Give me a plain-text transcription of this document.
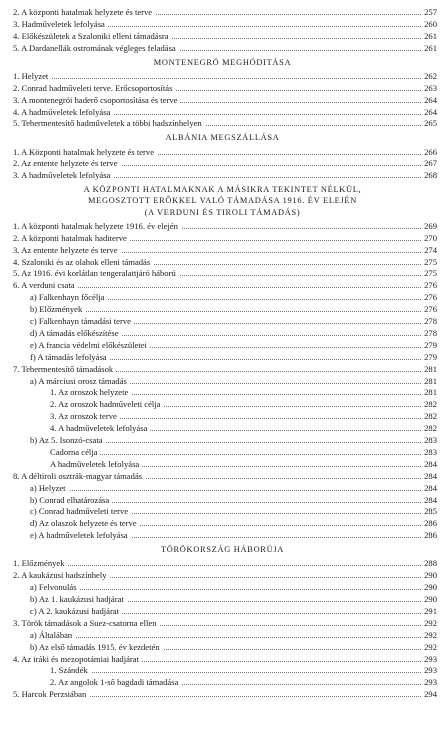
2. A központi hatalmak helyzete és terve	257
3. Hadműveletek lefolyása	260
4. Előkészületek a Szaloniki elleni támadásra	261
5. A Dardanellák ostromának végleges feladása	261
MONTENEGRÓ MEGHÓDITÁSA
1. Helyzet	262
2. Conrad hadműveleti terve. Erőcsoportosítás	263
3. A montenegrói haderő csoportosítása és terve	264
4. A hadműveletek lefolyása	264
5. Tehermentesítő hadműveletek a többi hadszínhelyen	265
ALBÁNIA MEGSZÁLLÁSA
1. A Központi hatalmak helyzete és terve	266
2. Az entente helyzete és terve	267
3. A hadműveletek lefolyása	268
A KÖZPONTI HATALMAKNAK A MÁSIKRA TEKINTET NÉLKÜL,
MEGOSZTOTT ERŐKKEL VALÓ TÁMADÁSA 1916. ÉV ELEJÉN
(A VERDUNI ÉS TIROLI TÁMADÁS)
1. A központi hatalmak helyzete 1916. év elején	269
2. A központi hatalmak haditerve	270
3. Az entente helyzete és terve	274
4. Szaloniki és az olahok elleni támadás	275
5. Az 1916. évi korlátlan tengeralattjáró háború	275
6. A verduni csata	276
a) Falkenhayn főcélja	276
b) Előzmények	276
c) Falkenhayn támadási terve	278
d) A támadás előkészítése	278
e) A francia védelmi előkészületei	279
f) A támadás lefolyása	279
7. Tehermentesítő támadások	281
a) A márciusi orosz támadás	281
1. Az oroszok helyzete	281
2. Az oroszok hadműveleti célja	282
3. Az oroszok terve	282
4. A hadműveletek lefolyása	282
b) Az 5. Isonzó-csata	283
Cadorna célja	283
A hadműveletek lefolyása	284
8. A déltiroli osztrák-magyar támadás	284
a) Helyzet	284
b) Conrad elhatározása	284
c) Conrad hadműveleti terve	285
d) Az olaszok helyzete és terve	286
e) A hadműveletek lefolyása	286
TÖRÖKORSZÁG HÁBORÚJA
1. Előzmények	288
2. A kaukázusi hadszínhely	290
a) Felvonulás	290
b) Az 1. kaukázusi hadjárat	290
c) A 2. kaukázusi hadjárat	291
3. Török támadások a Suez-csatorna ellen	292
a) Általában	292
b) Az első támadás 1915. év kezdetén	292
4. Az iráki és mezopotámiai hadjárat	293
1. Szándék	293
2. Az angolok 1-ső bagdadi támadása	293
5. Harcok Perzsiában	294
